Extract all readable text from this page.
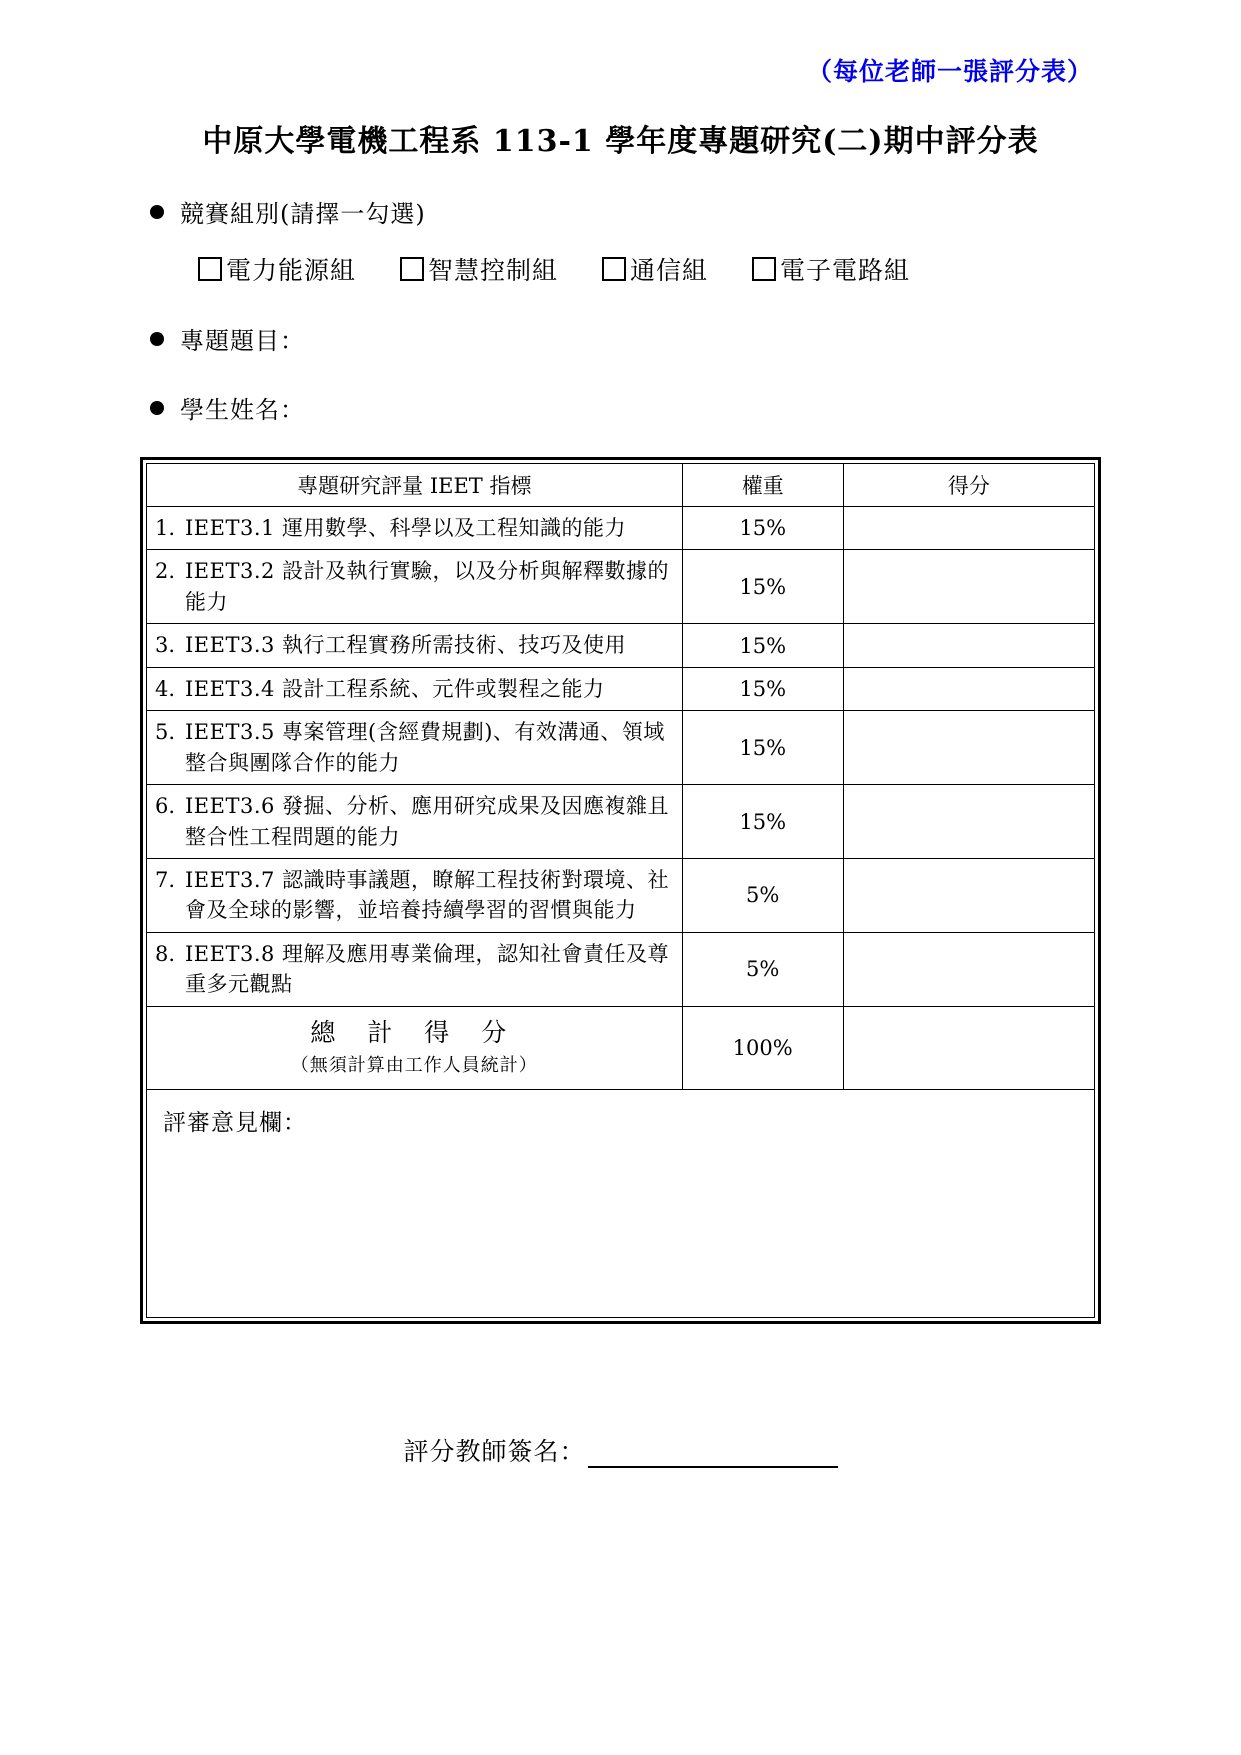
（每位老師一張評分表）
中原大學電機工程系 113-1 學年度專題研究(二)期中評分表
競賽組別(請擇一勾選)
電力能源組	智慧控制組	通信組	電子電路組
專題題目：
學生姓名：
專題研究評量 IEET 指標	權重	得分
1. IEET3.1 運用數學、科學以及工程知識的能力	15%	
2. IEET3.2 設計及執行實驗，以及分析與解釋數據的能力	15%	
3. IEET3.3 執行工程實務所需技術、技巧及使用	15%	
4. IEET3.4 設計工程系統、元件或製程之能力	15%	
5. IEET3.5 專案管理(含經費規劃)、有效溝通、領域整合與團隊合作的能力	15%	
6. IEET3.6 發掘、分析、應用研究成果及因應複雜且整合性工程問題的能力	15%	
7. IEET3.7 認識時事議題，瞭解工程技術對環境、社會及全球的影響，並培養持續學習的習慣與能力	5%	
8. IEET3.8 理解及應用專業倫理，認知社會責任及尊重多元觀點	5%	

總 計 得 分
（無須計算由工作人員統計）	100%	
評審意見欄：
評分教師簽名：
